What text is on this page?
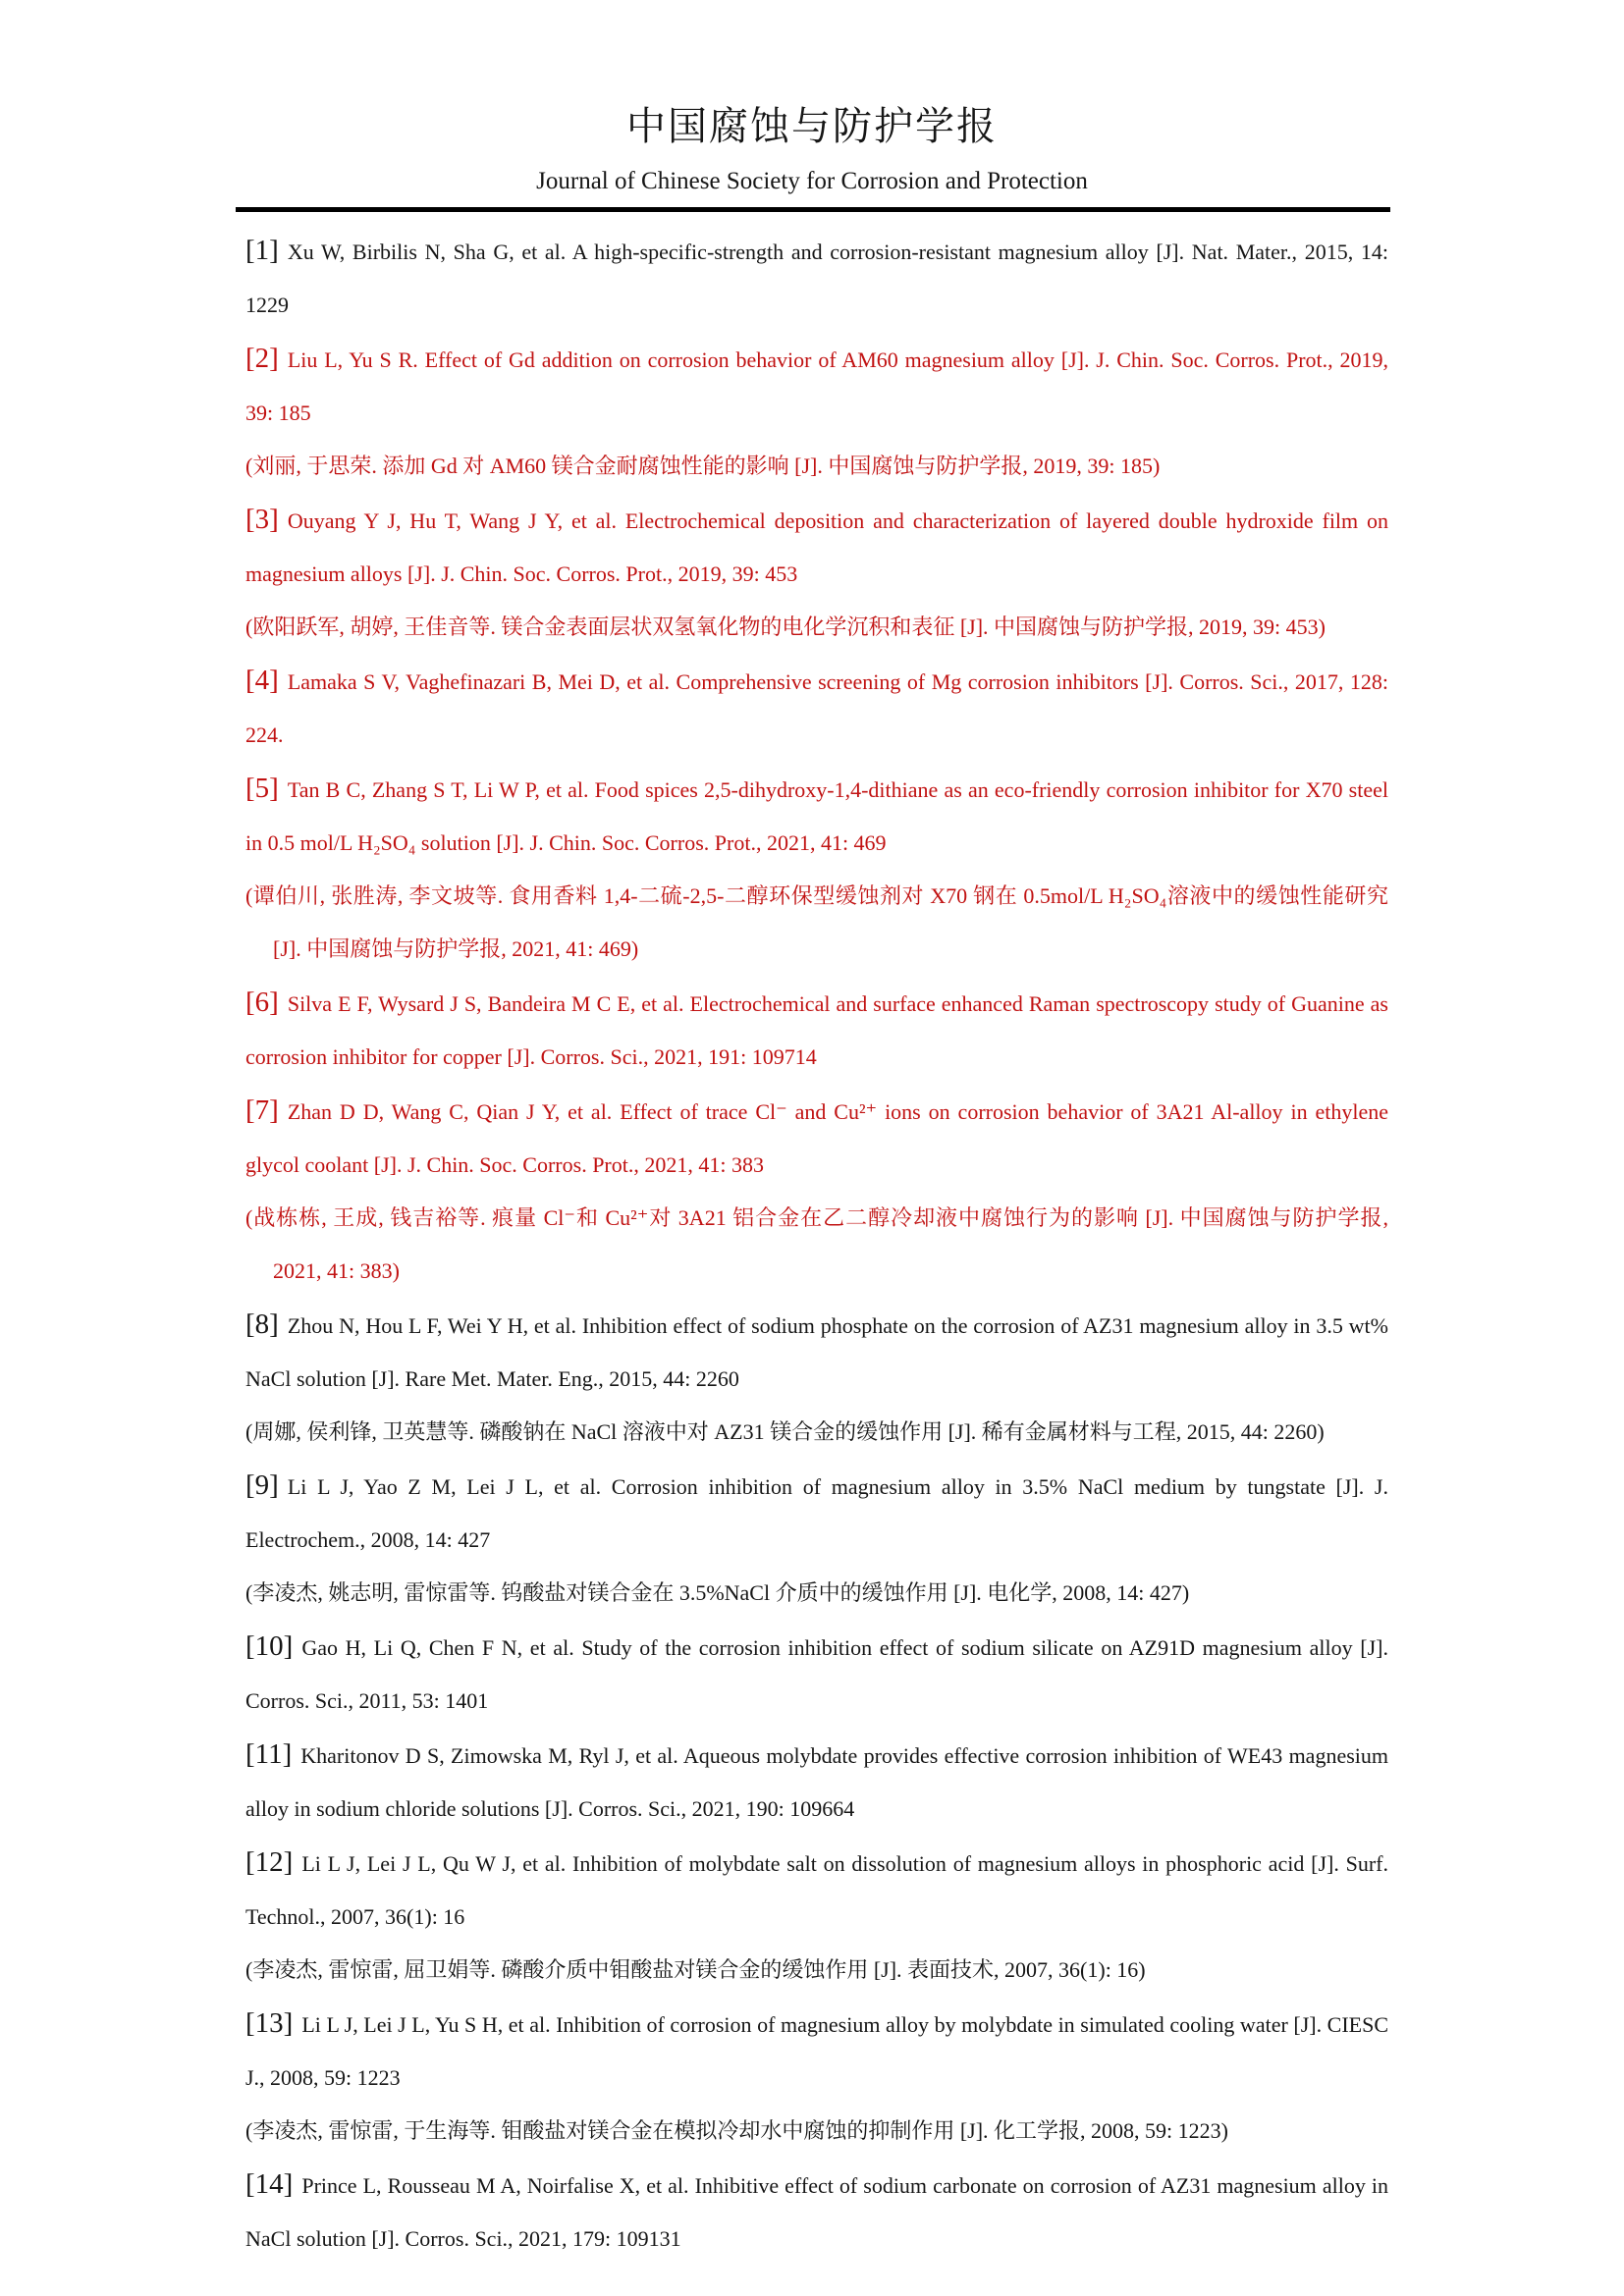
中国腐蚀与防护学报

Journal of Chinese Society for Corrosion and Protection

[1] Xu W, Birbilis N, Sha G, et al. A high-specific-strength and corrosion-resistant magnesium alloy [J]. Nat. Mater., 2015, 14: 1229

[2] Liu L, Yu S R. Effect of Gd addition on corrosion behavior of AM60 magnesium alloy [J]. J. Chin. Soc. Corros. Prot., 2019, 39: 185

(刘丽, 于思荣. 添加 Gd 对 AM60 镁合金耐腐蚀性能的影响 [J]. 中国腐蚀与防护学报, 2019, 39: 185)

[3] Ouyang Y J, Hu T, Wang J Y, et al. Electrochemical deposition and characterization of layered double hydroxide film on magnesium alloys [J]. J. Chin. Soc. Corros. Prot., 2019, 39: 453

(欧阳跃军, 胡婷, 王佳音等. 镁合金表面层状双氢氧化物的电化学沉积和表征 [J]. 中国腐蚀与防护学报, 2019, 39: 453)

[4] Lamaka S V, Vaghefinazari B, Mei D, et al. Comprehensive screening of Mg corrosion inhibitors [J]. Corros. Sci., 2017, 128: 224.

[5] Tan B C, Zhang S T, Li W P, et al. Food spices 2,5-dihydroxy-1,4-dithiane as an eco-friendly corrosion inhibitor for X70 steel in 0.5 mol/L H₂SO₄ solution [J]. J. Chin. Soc. Corros. Prot., 2021, 41: 469

(谭伯川, 张胜涛, 李文坡等. 食用香料 1,4-二硫-2,5-二醇环保型缓蚀剂对 X70 钢在 0.5mol/L H₂SO₄溶液中的缓蚀性能研究 [J]. 中国腐蚀与防护学报, 2021, 41: 469)

[6] Silva E F, Wysard J S, Bandeira M C E, et al. Electrochemical and surface enhanced Raman spectroscopy study of Guanine as corrosion inhibitor for copper [J]. Corros. Sci., 2021, 191: 109714

[7] Zhan D D, Wang C, Qian J Y, et al. Effect of trace Cl⁻ and Cu²⁺ ions on corrosion behavior of 3A21 Al-alloy in ethylene glycol coolant [J]. J. Chin. Soc. Corros. Prot., 2021, 41: 383

(战栋栋, 王成, 钱吉裕等. 痕量 Cl⁻和 Cu²⁺对 3A21 铝合金在乙二醇冷却液中腐蚀行为的影响 [J]. 中国腐蚀与防护学报, 2021, 41: 383)

[8] Zhou N, Hou L F, Wei Y H, et al. Inhibition effect of sodium phosphate on the corrosion of AZ31 magnesium alloy in 3.5 wt% NaCl solution [J]. Rare Met. Mater. Eng., 2015, 44: 2260

(周娜, 侯利锋, 卫英慧等. 磷酸钠在 NaCl 溶液中对 AZ31 镁合金的缓蚀作用 [J]. 稀有金属材料与工程, 2015, 44: 2260)

[9] Li L J, Yao Z M, Lei J L, et al. Corrosion inhibition of magnesium alloy in 3.5% NaCl medium by tungstate [J]. J. Electrochem., 2008, 14: 427

(李凌杰, 姚志明, 雷惊雷等. 钨酸盐对镁合金在 3.5%NaCl 介质中的缓蚀作用 [J]. 电化学, 2008, 14: 427)

[10] Gao H, Li Q, Chen F N, et al. Study of the corrosion inhibition effect of sodium silicate on AZ91D magnesium alloy [J]. Corros. Sci., 2011, 53: 1401

[11] Kharitonov D S, Zimowska M, Ryl J, et al. Aqueous molybdate provides effective corrosion inhibition of WE43 magnesium alloy in sodium chloride solutions [J]. Corros. Sci., 2021, 190: 109664

[12] Li L J, Lei J L, Qu W J, et al. Inhibition of molybdate salt on dissolution of magnesium alloys in phosphoric acid [J]. Surf. Technol., 2007, 36(1): 16

(李凌杰, 雷惊雷, 屈卫娟等. 磷酸介质中钼酸盐对镁合金的缓蚀作用 [J]. 表面技术, 2007, 36(1): 16)

[13] Li L J, Lei J L, Yu S H, et al. Inhibition of corrosion of magnesium alloy by molybdate in simulated cooling water [J]. CIESC J., 2008, 59: 1223

(李凌杰, 雷惊雷, 于生海等. 钼酸盐对镁合金在模拟冷却水中腐蚀的抑制作用 [J]. 化工学报, 2008, 59: 1223)

[14] Prince L, Rousseau M A, Noirfalise X, et al. Inhibitive effect of sodium carbonate on corrosion of AZ31 magnesium alloy in NaCl solution [J]. Corros. Sci., 2021, 179: 109131
